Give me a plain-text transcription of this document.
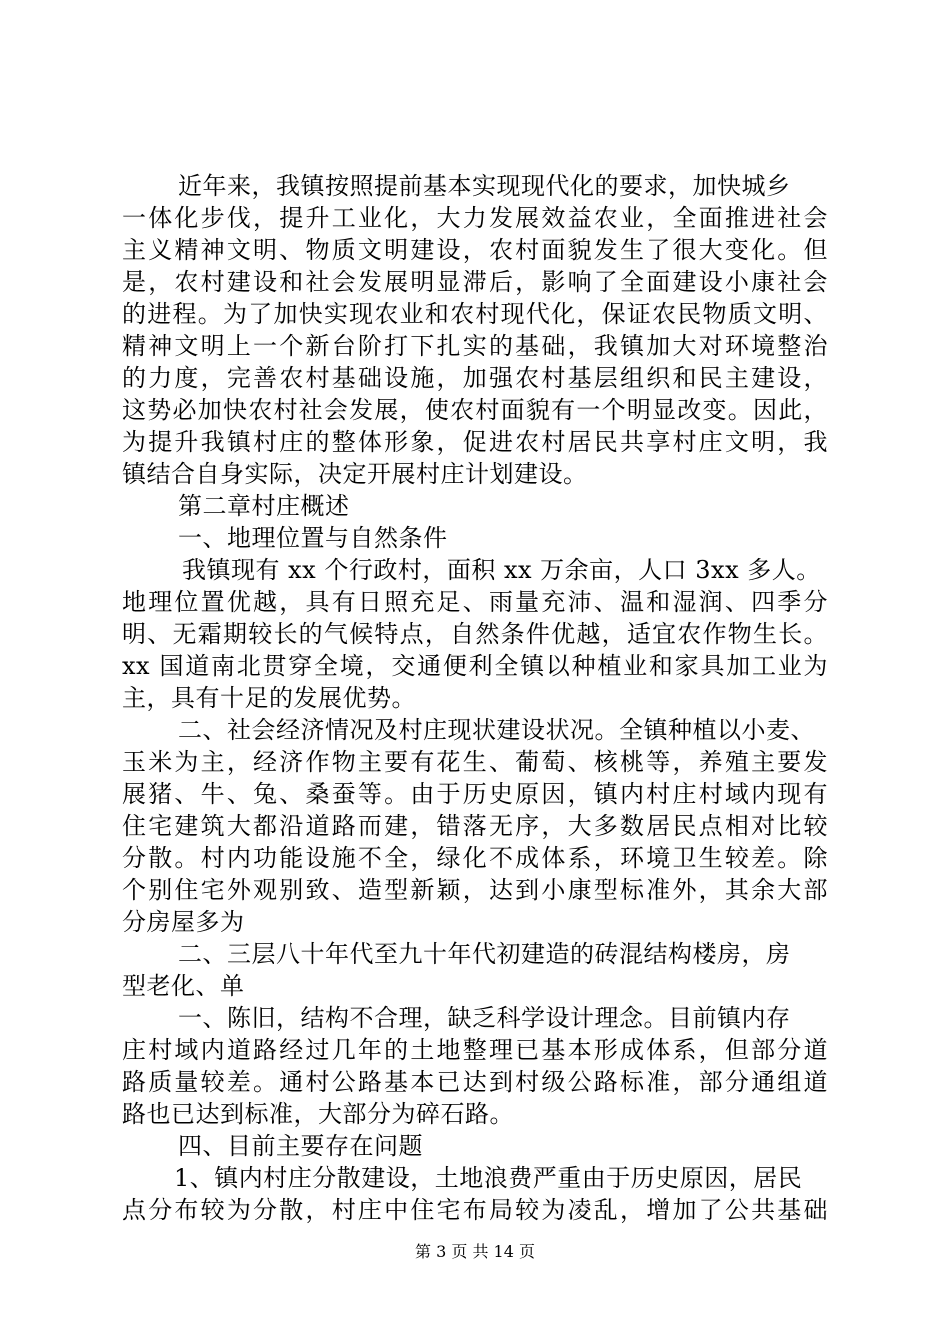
近年来，我镇按照提前基本实现现代化的要求，加快城乡
一体化步伐，提升工业化，大力发展效益农业，全面推进社会
主义精神文明、物质文明建设，农村面貌发生了很大变化。但
是，农村建设和社会发展明显滞后，影响了全面建设小康社会
的进程。为了加快实现农业和农村现代化，保证农民物质文明、
精神文明上一个新台阶打下扎实的基础，我镇加大对环境整治
的力度，完善农村基础设施，加强农村基层组织和民主建设，
这势必加快农村社会发展，使农村面貌有一个明显改变。因此，
为提升我镇村庄的整体形象，促进农村居民共享村庄文明，我
镇结合自身实际，决定开展村庄计划建设。
第二章村庄概述
一、地理位置与自然条件
我镇现有 xx 个行政村，面积 xx 万余亩，人口 3xx 多人。
地理位置优越，具有日照充足、雨量充沛、温和湿润、四季分
明、无霜期较长的气候特点，自然条件优越，适宜农作物生长。
xx 国道南北贯穿全境，交通便利全镇以种植业和家具加工业为
主，具有十足的发展优势。
二、社会经济情况及村庄现状建设状况。全镇种植以小麦、
玉米为主，经济作物主要有花生、葡萄、核桃等，养殖主要发
展猪、牛、兔、桑蚕等。由于历史原因，镇内村庄村域内现有
住宅建筑大都沿道路而建，错落无序，大多数居民点相对比较
分散。村内功能设施不全，绿化不成体系，环境卫生较差。除
个别住宅外观别致、造型新颖，达到小康型标准外，其余大部
分房屋多为
二、三层八十年代至九十年代初建造的砖混结构楼房，房
型老化、单
一、陈旧，结构不合理，缺乏科学设计理念。目前镇内存
庄村域内道路经过几年的土地整理已基本形成体系，但部分道
路质量较差。通村公路基本已达到村级公路标准，部分通组道
路也已达到标准，大部分为碎石路。
四、目前主要存在问题
1、镇内村庄分散建设，土地浪费严重由于历史原因，居民
点分布较为分散，村庄中住宅布局较为凌乱，增加了公共基础
第 3 页 共 14 页
